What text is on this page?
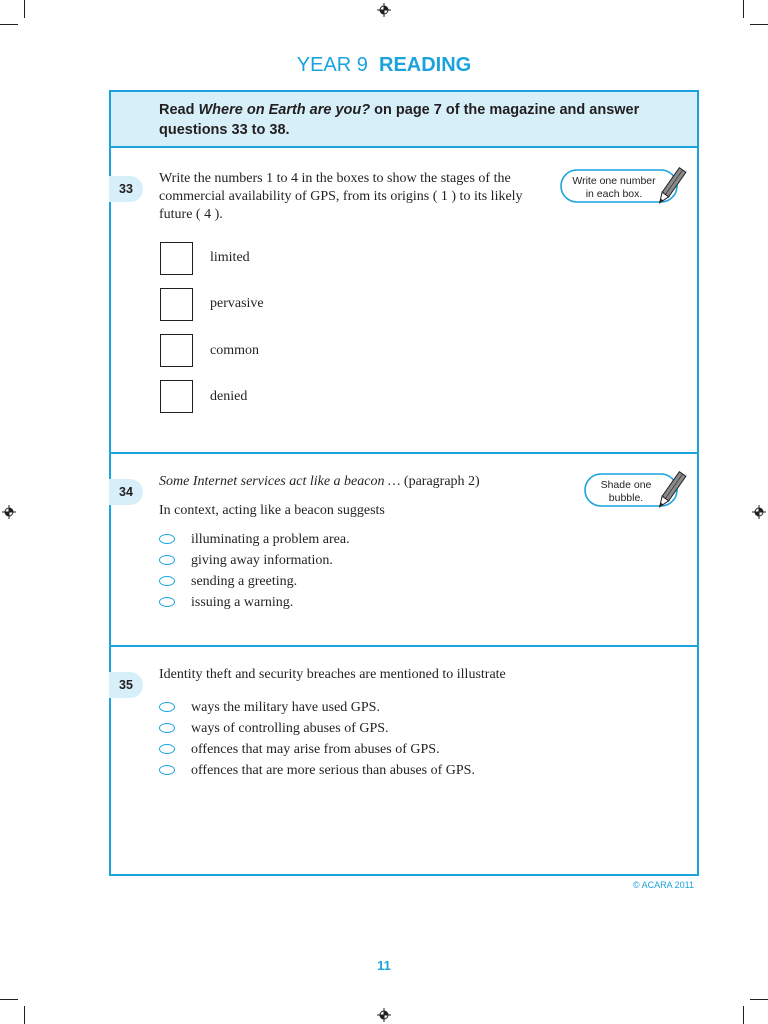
YEAR 9 READING
Read Where on Earth are you? on page 7 of the magazine and answer questions 33 to 38.
33
Write the numbers 1 to 4 in the boxes to show the stages of the commercial availability of GPS, from its origins ( 1 ) to its likely future ( 4 ).
Write one number
in each box.
limited
pervasive
common
denied
34
Some Internet services act like a beacon … (paragraph 2)
In context, acting like a beacon suggests
Shade one
bubble.
illuminating a problem area.
giving away information.
sending a greeting.
issuing a warning.
35
Identity theft and security breaches are mentioned to illustrate
ways the military have used GPS.
ways of controlling abuses of GPS.
offences that may arise from abuses of GPS.
offences that are more serious than abuses of GPS.
© ACARA 2011
11
